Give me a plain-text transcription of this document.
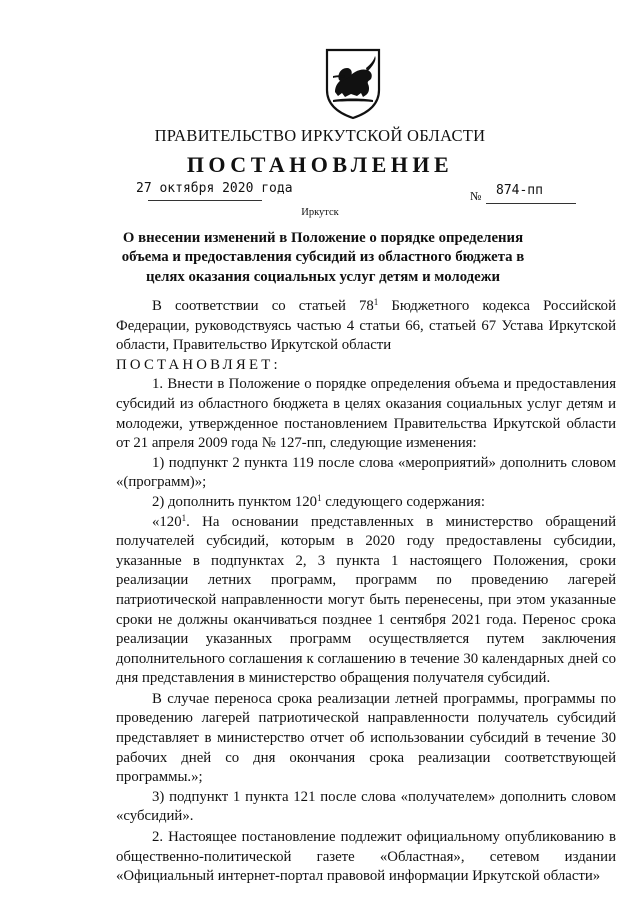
ПРАВИТЕЛЬСТВО ИРКУТСКОЙ ОБЛАСТИ
ПОСТАНОВЛЕНИЕ
27 октября 2020 года	№ 874-пп
Иркутск
О внесении изменений в Положение о порядке определения объема и предоставления субсидий из областного бюджета в целях оказания социальных услуг детям и молодежи

В соответствии со статьей $78^1$ Бюджетного кодекса Российской Федерации, руководствуясь частью 4 статьи 66, статьей 67 Устава Иркутской области, Правительство Иркутской области

ПОСТАНОВЛЯЕТ:

1. Внести в Положение о порядке определения объема и предоставления субсидий из областного бюджета в целях оказания социальных услуг детям и молодежи, утвержденное постановлением Правительства Иркутской области от 21 апреля 2009 года № 127-пп, следующие изменения:

1) подпункт 2 пункта 119 после слова «мероприятий» дополнить словом «(программ)»;

2) дополнить пунктом $120^1$ следующего содержания:

«$120^1$. На основании представленных в министерство обращений получателей субсидий, которым в 2020 году предоставлены субсидии, указанные в подпунктах 2, 3 пункта 1 настоящего Положения, сроки реализации летних программ, программ по проведению лагерей патриотической направленности могут быть перенесены, при этом указанные сроки не должны оканчиваться позднее 1 сентября 2021 года. Перенос срока реализации указанных программ осуществляется путем заключения дополнительного соглашения к соглашению в течение 30 календарных дней со дня представления в министерство обращения получателя субсидий.

В случае переноса срока реализации летней программы, программы по проведению лагерей патриотической направленности получатель субсидий представляет в министерство отчет об использовании субсидий в течение 30 рабочих дней со дня окончания срока реализации соответствующей программы.»;

3) подпункт 1 пункта 121 после слова «получателем» дополнить словом «субсидий».

2. Настоящее постановление подлежит официальному опубликованию в общественно-политической газете «Областная», сетевом издании «Официальный интернет-портал правовой информации Иркутской области»
